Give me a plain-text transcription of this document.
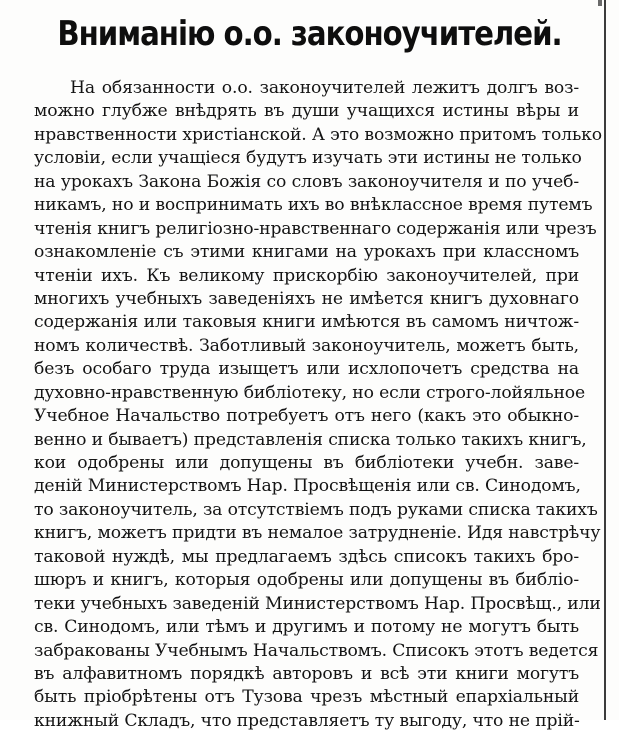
Вниманію о.о. законоучителей.
На обязанности о.о. законоучителей лежитъ долгъ воз-
можно глубже внѣдрять въ души учащихся истины вѣры и
нравственности христіанской. А это возможно притомъ только
условіи, если учащіеся будутъ изучать эти истины не только
на урокахъ Закона Божія со словъ законоучителя и по учеб-
никамъ, но и воспринимать ихъ во внѣклассное время путемъ
чтенія книгъ религіозно-нравственнаго содержанія или чрезъ
ознакомленіе съ этими книгами на урокахъ при классномъ
чтеніи ихъ. Къ великому прискорбію законоучителей, при
многихъ учебныхъ заведеніяхъ не имѣется книгъ духовнаго
содержанія или таковыя книги имѣются въ самомъ ничтож-
номъ количествѣ. Заботливый законоучитель, можетъ быть,
безъ особаго труда изыщетъ или исхлопочетъ средства на
духовно-нравственную библіотеку, но если строго-лойяльное
Учебное Начальство потребуетъ отъ него (какъ это обыкно-
венно и бываетъ) представленія списка только такихъ книгъ,
кои одобрены или допущены въ библіотеки учебн. заве-
деній Министерствомъ Нар. Просвѣщенія или св. Синодомъ,
то законоучитель, за отсутствіемъ подъ руками списка такихъ
книгъ, можетъ придти въ немалое затрудненіе. Идя навстрѣчу
таковой нуждѣ, мы предлагаемъ здѣсь списокъ такихъ бро-
шюръ и книгъ, которыя одобрены или допущены въ библіо-
теки учебныхъ заведеній Министерствомъ Нар. Просвѣщ., или
св. Синодомъ, или тѣмъ и другимъ и потому не могутъ быть
забракованы Учебнымъ Начальствомъ. Списокъ этотъ ведется
въ алфавитномъ порядкѣ авторовъ и всѣ эти книги могутъ
быть пріобрѣтены отъ Тузова чрезъ мѣстный епархіальный
книжный Складъ, что представляетъ ту выгоду, что не прій-
